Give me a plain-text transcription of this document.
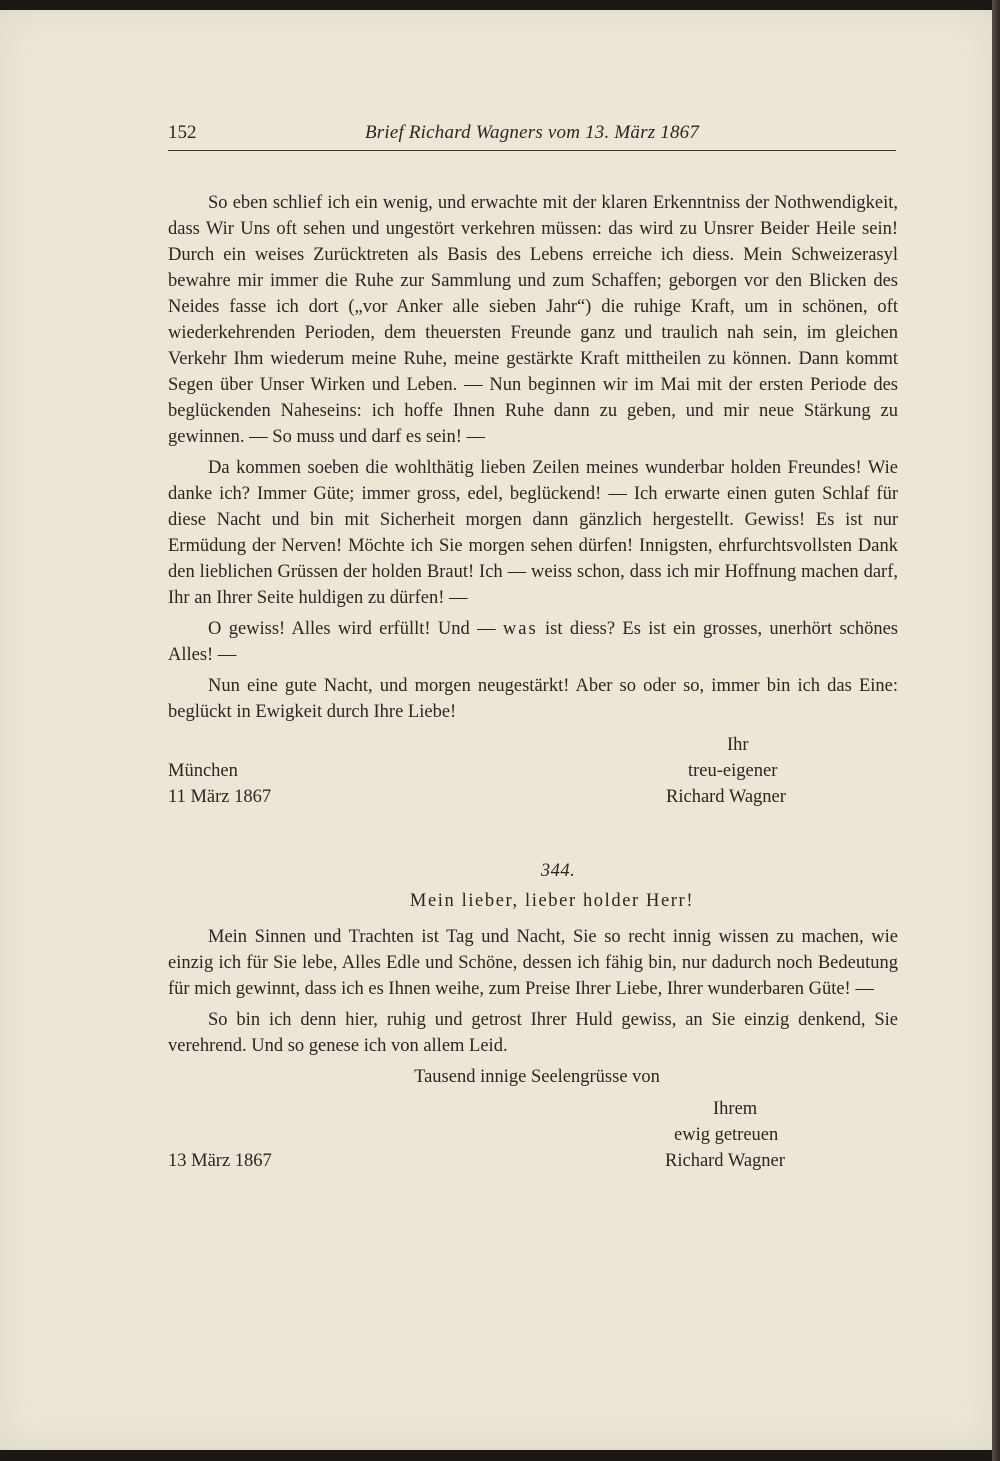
152	Brief Richard Wagners vom 13. März 1867

So eben schlief ich ein wenig, und erwachte mit der klaren Erkenntniss der Nothwendigkeit, dass Wir Uns oft sehen und ungestört verkehren müssen: das wird zu Unsrer Beider Heile sein! Durch ein weises Zurücktreten als Basis des Lebens erreiche ich diess. Mein Schweizerasyl bewahre mir immer die Ruhe zur Sammlung und zum Schaffen; geborgen vor den Blicken des Neides fasse ich dort („vor Anker alle sieben Jahr“) die ruhige Kraft, um in schönen, oft wiederkehrenden Perioden, dem theuersten Freunde ganz und traulich nah sein, im gleichen Verkehr Ihm wiederum meine Ruhe, meine gestärkte Kraft mittheilen zu können. Dann kommt Segen über Unser Wirken und Leben. — Nun beginnen wir im Mai mit der ersten Periode des beglückenden Naheseins: ich hoffe Ihnen Ruhe dann zu geben, und mir neue Stärkung zu gewinnen. — So muss und darf es sein! —

Da kommen soeben die wohlthätig lieben Zeilen meines wunderbar holden Freundes! Wie danke ich? Immer Güte; immer gross, edel, beglückend! — Ich erwarte einen guten Schlaf für diese Nacht und bin mit Sicherheit morgen dann gänzlich hergestellt. Gewiss! Es ist nur Ermüdung der Nerven! Möchte ich Sie morgen sehen dürfen! Innigsten, ehrfurchtsvollsten Dank den lieblichen Grüssen der holden Braut! Ich — weiss schon, dass ich mir Hoffnung machen darf, Ihr an Ihrer Seite huldigen zu dürfen! —

O gewiss! Alles wird erfüllt! Und — was ist diess? Es ist ein grosses, unerhört schönes Alles! —

Nun eine gute Nacht, und morgen neugestärkt! Aber so oder so, immer bin ich das Eine: beglückt in Ewigkeit durch Ihre Liebe!

Ihr
München	treu-eigener
11 März 1867	Richard Wagner
344.
Mein lieber, lieber holder Herr!

Mein Sinnen und Trachten ist Tag und Nacht, Sie so recht innig wissen zu machen, wie einzig ich für Sie lebe, Alles Edle und Schöne, dessen ich fähig bin, nur dadurch noch Bedeutung für mich gewinnt, dass ich es Ihnen weihe, zum Preise Ihrer Liebe, Ihrer wunderbaren Güte! —

So bin ich denn hier, ruhig und getrost Ihrer Huld gewiss, an Sie einzig denkend, Sie verehrend. Und so genese ich von allem Leid.

Tausend innige Seelengrüsse von
Ihrem
ewig getreuen
13 März 1867	Richard Wagner
